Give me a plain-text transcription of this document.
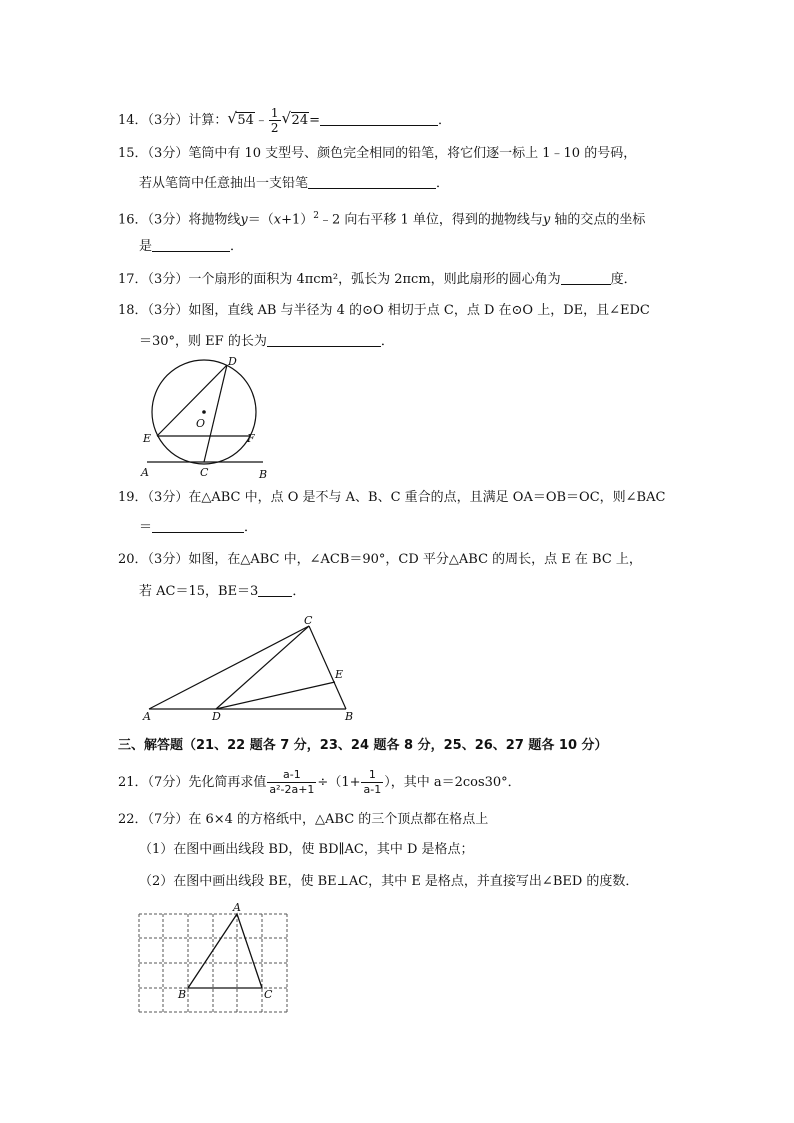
14．（3分）计算： √ 54﹣ $\frac{1}{2}$ √ 24=	．
15．（3分）笔筒中有 10 支型号、颜色完全相同的铅笔，将它们逐一标上 1﹣10 的号码，
若从笔筒中任意抽出一支铅笔	．
16．（3分）将抛物线$y=(x+1)^2﹣2$ 向右平移 1 单位，得到的抛物线与y 轴的交点的坐标
是	．
17．（3分）一个扇形的面积为 4πcm²，弧长为 2πcm，则此扇形的圆心角为	度．
18．（3分）如图，直线 AB 与半径为 4 的⊙O 相切于点 C，点 D 在⊙O 上，DE，且∠EDC
＝30°，则 EF 的长为	．
D
O
E	F
A	C	B
19．（3分）在△ABC 中，点 O 是不与 A、B、C 重合的点，且满足 OA＝OB＝OC，则∠BAC
＝	．
20．（3分）如图，在△ABC 中，∠ACB＝90°，CD 平分△ABC 的周长，点 E 在 BC 上，
若 AC＝15，BE＝3	．
C
E
A	D	B
三、解答题（21、22 题各 7 分，23、24 题各 8 分，25、26、27 题各 10 分）
21．（7分）先化简再求值 $\frac{a-1}{\text{a²-2a+1}} \div(1+ \frac{1}{a-1}$ ），其中 a＝2cos30°．
22．（7分）在 6×4 的方格纸中，△ABC 的三个顶点都在格点上
（1）在图中画出线段 BD，使 BD∥AC，其中 D 是格点；
（2）在图中画出线段 BE，使 BE⊥AC，其中 E 是格点，并直接写出∠BED 的度数．
A
B	C
